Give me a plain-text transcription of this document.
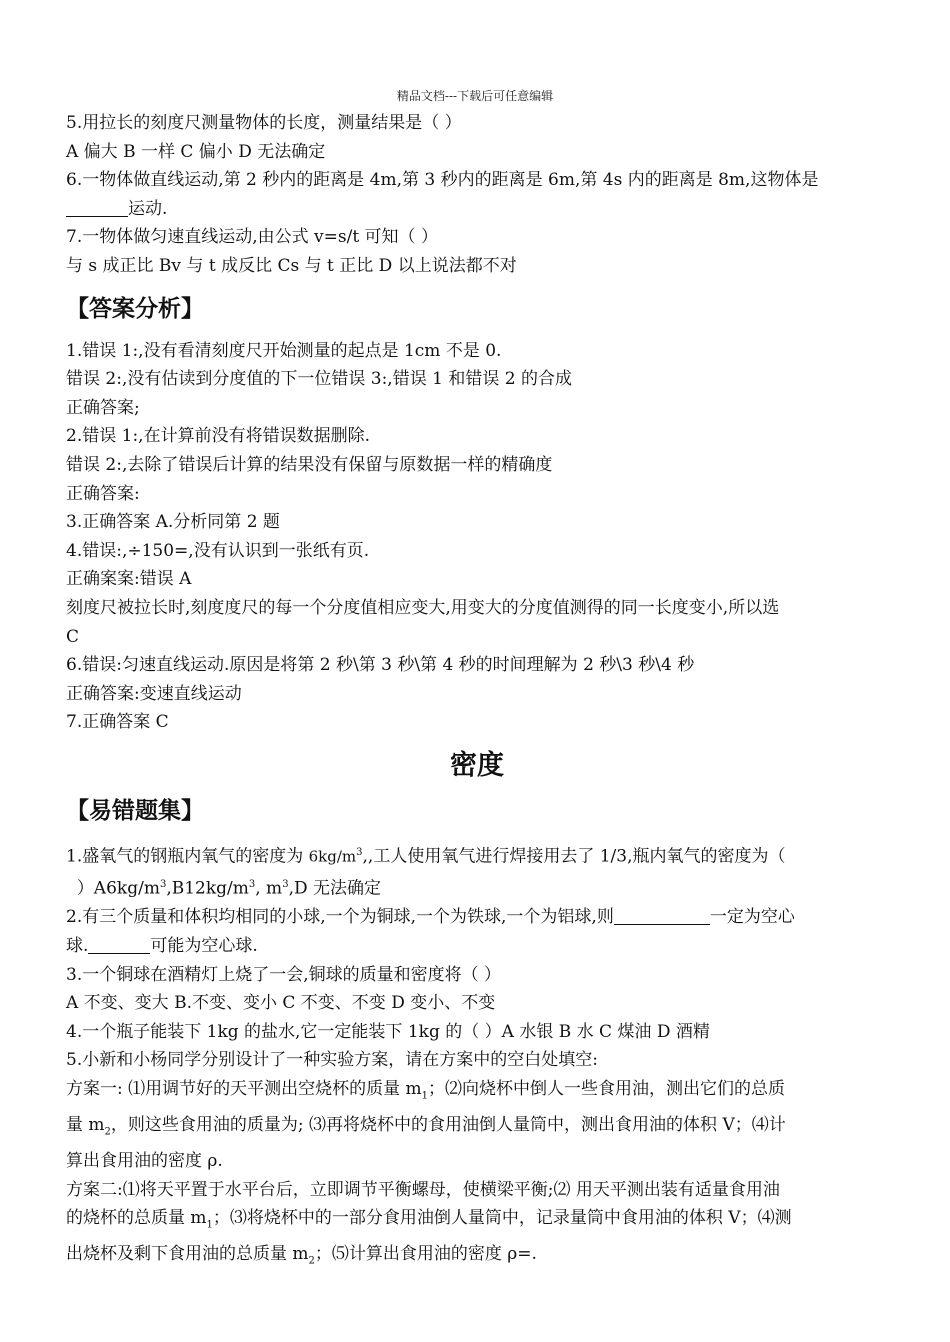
精品文档---下载后可任意编辑
5.用拉长的刻度尺测量物体的长度，测量结果是（ ）
A 偏大 B 一样 C 偏小 D 无法确定
6.一物体做直线运动,第 2 秒内的距离是 4m,第 3 秒内的距离是 6m,第 4s 内的距离是 8m,这物体是
运动.
7.一物体做匀速直线运动,由公式 v=s/t 可知（ ）
与 s 成正比 Bv 与 t 成反比 Cs 与 t 正比 D 以上说法都不对
【答案分析】
1.错误 1:,没有看清刻度尺开始测量的起点是 1cm 不是 0.
错误 2:,没有估读到分度值的下一位错误 3:,错误 1 和错误 2 的合成
正确答案;
2.错误 1:,在计算前没有将错误数据删除.
错误 2:,去除了错误后计算的结果没有保留与原数据一样的精确度
正确答案:
3.正确答案 A.分析同第 2 题
4.错误:,÷150=,没有认识到一张纸有页.
正确案案:错误 A
刻度尺被拉长时,刻度度尺的每一个分度值相应变大,用变大的分度值测得的同一长度变小,所以选
C
6.错误:匀速直线运动.原因是将第 2 秒\第 3 秒\第 4 秒的时间理解为 2 秒\3 秒\4 秒
正确答案:变速直线运动
7.正确答案 C
密度
【易错题集】
1.盛氧气的钢瓶内氧气的密度为 $6kg/m^3$,,工人使用氧气进行焊接用去了 1/3,瓶内氧气的密度为（
）$A6kg/m^3,B12kg/m^3$, $m^3,D$ 无法确定
2.有三个质量和体积均相同的小球,一个为铜球,一个为铁球,一个为铝球,则	一定为空心
球.	可能为空心球.
3.一个铜球在酒精灯上烧了一会,铜球的质量和密度将（ ）
A 不变、变大 B.不变、变小 C 不变、不变 D 变小、不变
4.一个瓶子能装下 1kg 的盐水,它一定能装下 1kg 的（ ）A 水银 B 水 C 煤油 D 酒精
5.小新和小杨同学分别设计了一种实验方案，请在方案中的空白处填空:
方案一: ⑴用调节好的天平测出空烧杯的质量 $m_1$；⑵向烧杯中倒人一些食用油，测出它们的总质
量 $m_2$，则这些食用油的质量为; ⑶再将烧杯中的食用油倒人量筒中，测出食用油的体积 V；⑷计
算出食用油的密度 ρ.
方案二:⑴将天平置于水平台后，立即调节平衡螺母，使横梁平衡;⑵ 用天平测出装有适量食用油
的烧杯的总质量 $m_1$；⑶将烧杯中的一部分食用油倒人量筒中，记录量筒中食用油的体积 V；⑷测
出烧杯及剩下食用油的总质量 $m_2$；⑸计算出食用油的密度 ρ=.
